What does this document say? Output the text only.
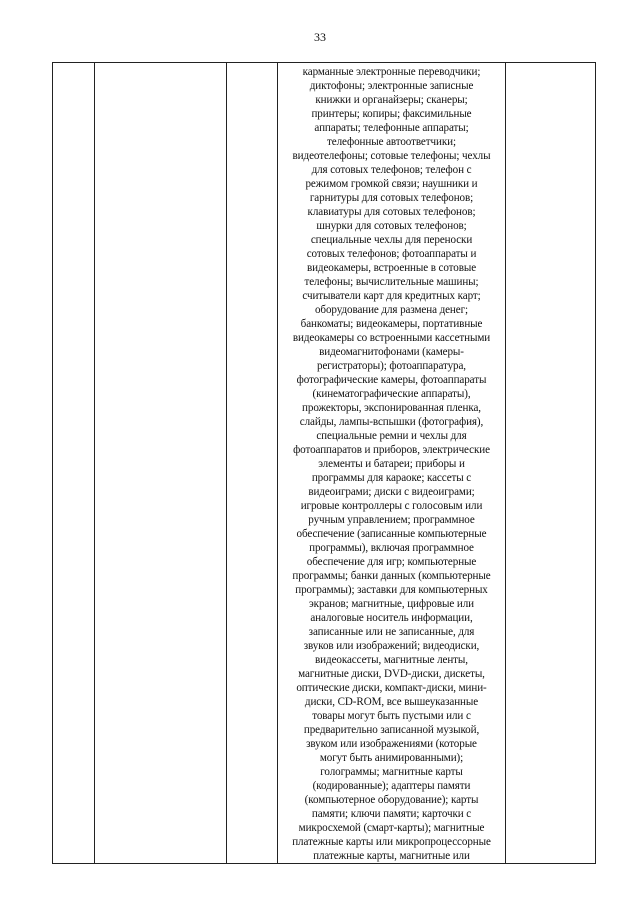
33

карманные электронные переводчики;
диктофоны; электронные записные
книжки и органайзеры; сканеры;
принтеры; копиры; факсимильные
аппараты; телефонные аппараты;
телефонные автоответчики;
видеотелефоны; сотовые телефоны; чехлы
для сотовых телефонов; телефон с
режимом громкой связи; наушники и
гарнитуры для сотовых телефонов;
клавиатуры для сотовых телефонов;
шнурки для сотовых телефонов;
специальные чехлы для переноски
сотовых телефонов; фотоаппараты и
видеокамеры, встроенные в сотовые
телефоны; вычислительные машины;
считыватели карт для кредитных карт;
оборудование для размена денег;
банкоматы; видеокамеры, портативные
видеокамеры со встроенными кассетными
видеомагнитофонами (камеры-
регистраторы); фотоаппаратура,
фотографические камеры, фотоаппараты
(кинематографические аппараты),
прожекторы, экспонированная пленка,
слайды, лампы-вспышки (фотография),
специальные ремни и чехлы для
фотоаппаратов и приборов, электрические
элементы и батареи; приборы и
программы для караоке; кассеты с
видеоиграми; диски с видеоиграми;
игровые контроллеры с голосовым или
ручным управлением; программное
обеспечение (записанные компьютерные
программы), включая программное
обеспечение для игр; компьютерные
программы; банки данных (компьютерные
программы); заставки для компьютерных
экранов; магнитные, цифровые или
аналоговые носитель информации,
записанные или не записанные, для
звуков или изображений; видеодиски,
видеокассеты, магнитные ленты,
магнитные диски, DVD-диски, дискеты,
оптические диски, компакт-диски, мини-
диски, CD-ROM, все вышеуказанные
товары могут быть пустыми или с
предварительно записанной музыкой,
звуком или изображениями (которые
могут быть анимированными);
голограммы; магнитные карты
(кодированные); адаптеры памяти
(компьютерное оборудование); карты
памяти; ключи памяти; карточки с
микросхемой (смарт-карты); магнитные
платежные карты или микропроцессорные
платежные карты, магнитные или
